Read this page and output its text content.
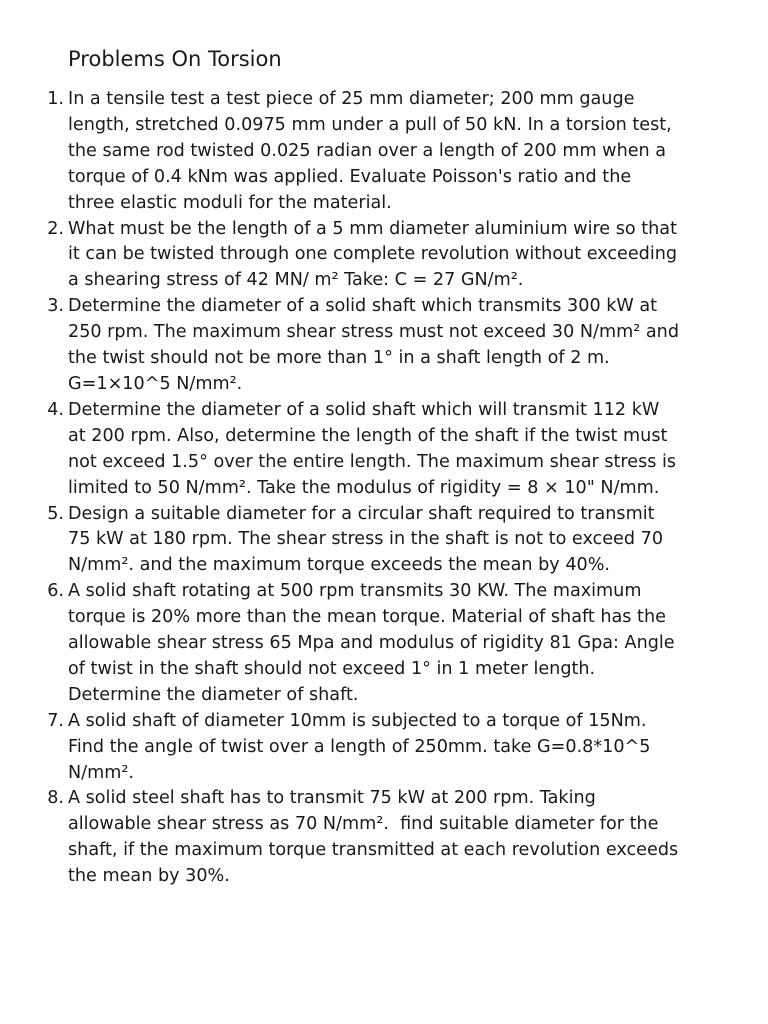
Problems On Torsion
1. In a tensile test a test piece of 25 mm diameter; 200 mm gauge
length, stretched 0.0975 mm under a pull of 50 kN. In a torsion test,
the same rod twisted 0.025 radian over a length of 200 mm when a
torque of 0.4 kNm was applied. Evaluate Poisson's ratio and the
three elastic moduli for the material.
2. What must be the length of a 5 mm diameter aluminium wire so that
it can be twisted through one complete revolution without exceeding
a shearing stress of 42 MN/ m² Take: C = 27 GN/m².
3. Determine the diameter of a solid shaft which transmits 300 kW at
250 rpm. The maximum shear stress must not exceed 30 N/mm² and
the twist should not be more than 1° in a shaft length of 2 m.
G=1×10^5 N/mm².
4. Determine the diameter of a solid shaft which will transmit 112 kW
at 200 rpm. Also, determine the length of the shaft if the twist must
not exceed 1.5° over the entire length. The maximum shear stress is
limited to 50 N/mm². Take the modulus of rigidity = 8 × 10" N/mm.
5. Design a suitable diameter for a circular shaft required to transmit
75 kW at 180 rpm. The shear stress in the shaft is not to exceed 70
N/mm². and the maximum torque exceeds the mean by 40%.
6. A solid shaft rotating at 500 rpm transmits 30 KW. The maximum
torque is 20% more than the mean torque. Material of shaft has the
allowable shear stress 65 Mpa and modulus of rigidity 81 Gpa: Angle
of twist in the shaft should not exceed 1° in 1 meter length.
Determine the diameter of shaft.
7. A solid shaft of diameter 10mm is subjected to a torque of 15Nm.
Find the angle of twist over a length of 250mm. take G=0.8*10^5
N/mm².
8. A solid steel shaft has to transmit 75 kW at 200 rpm. Taking
allowable shear stress as 70 N/mm².  find suitable diameter for the
shaft, if the maximum torque transmitted at each revolution exceeds
the mean by 30%.
